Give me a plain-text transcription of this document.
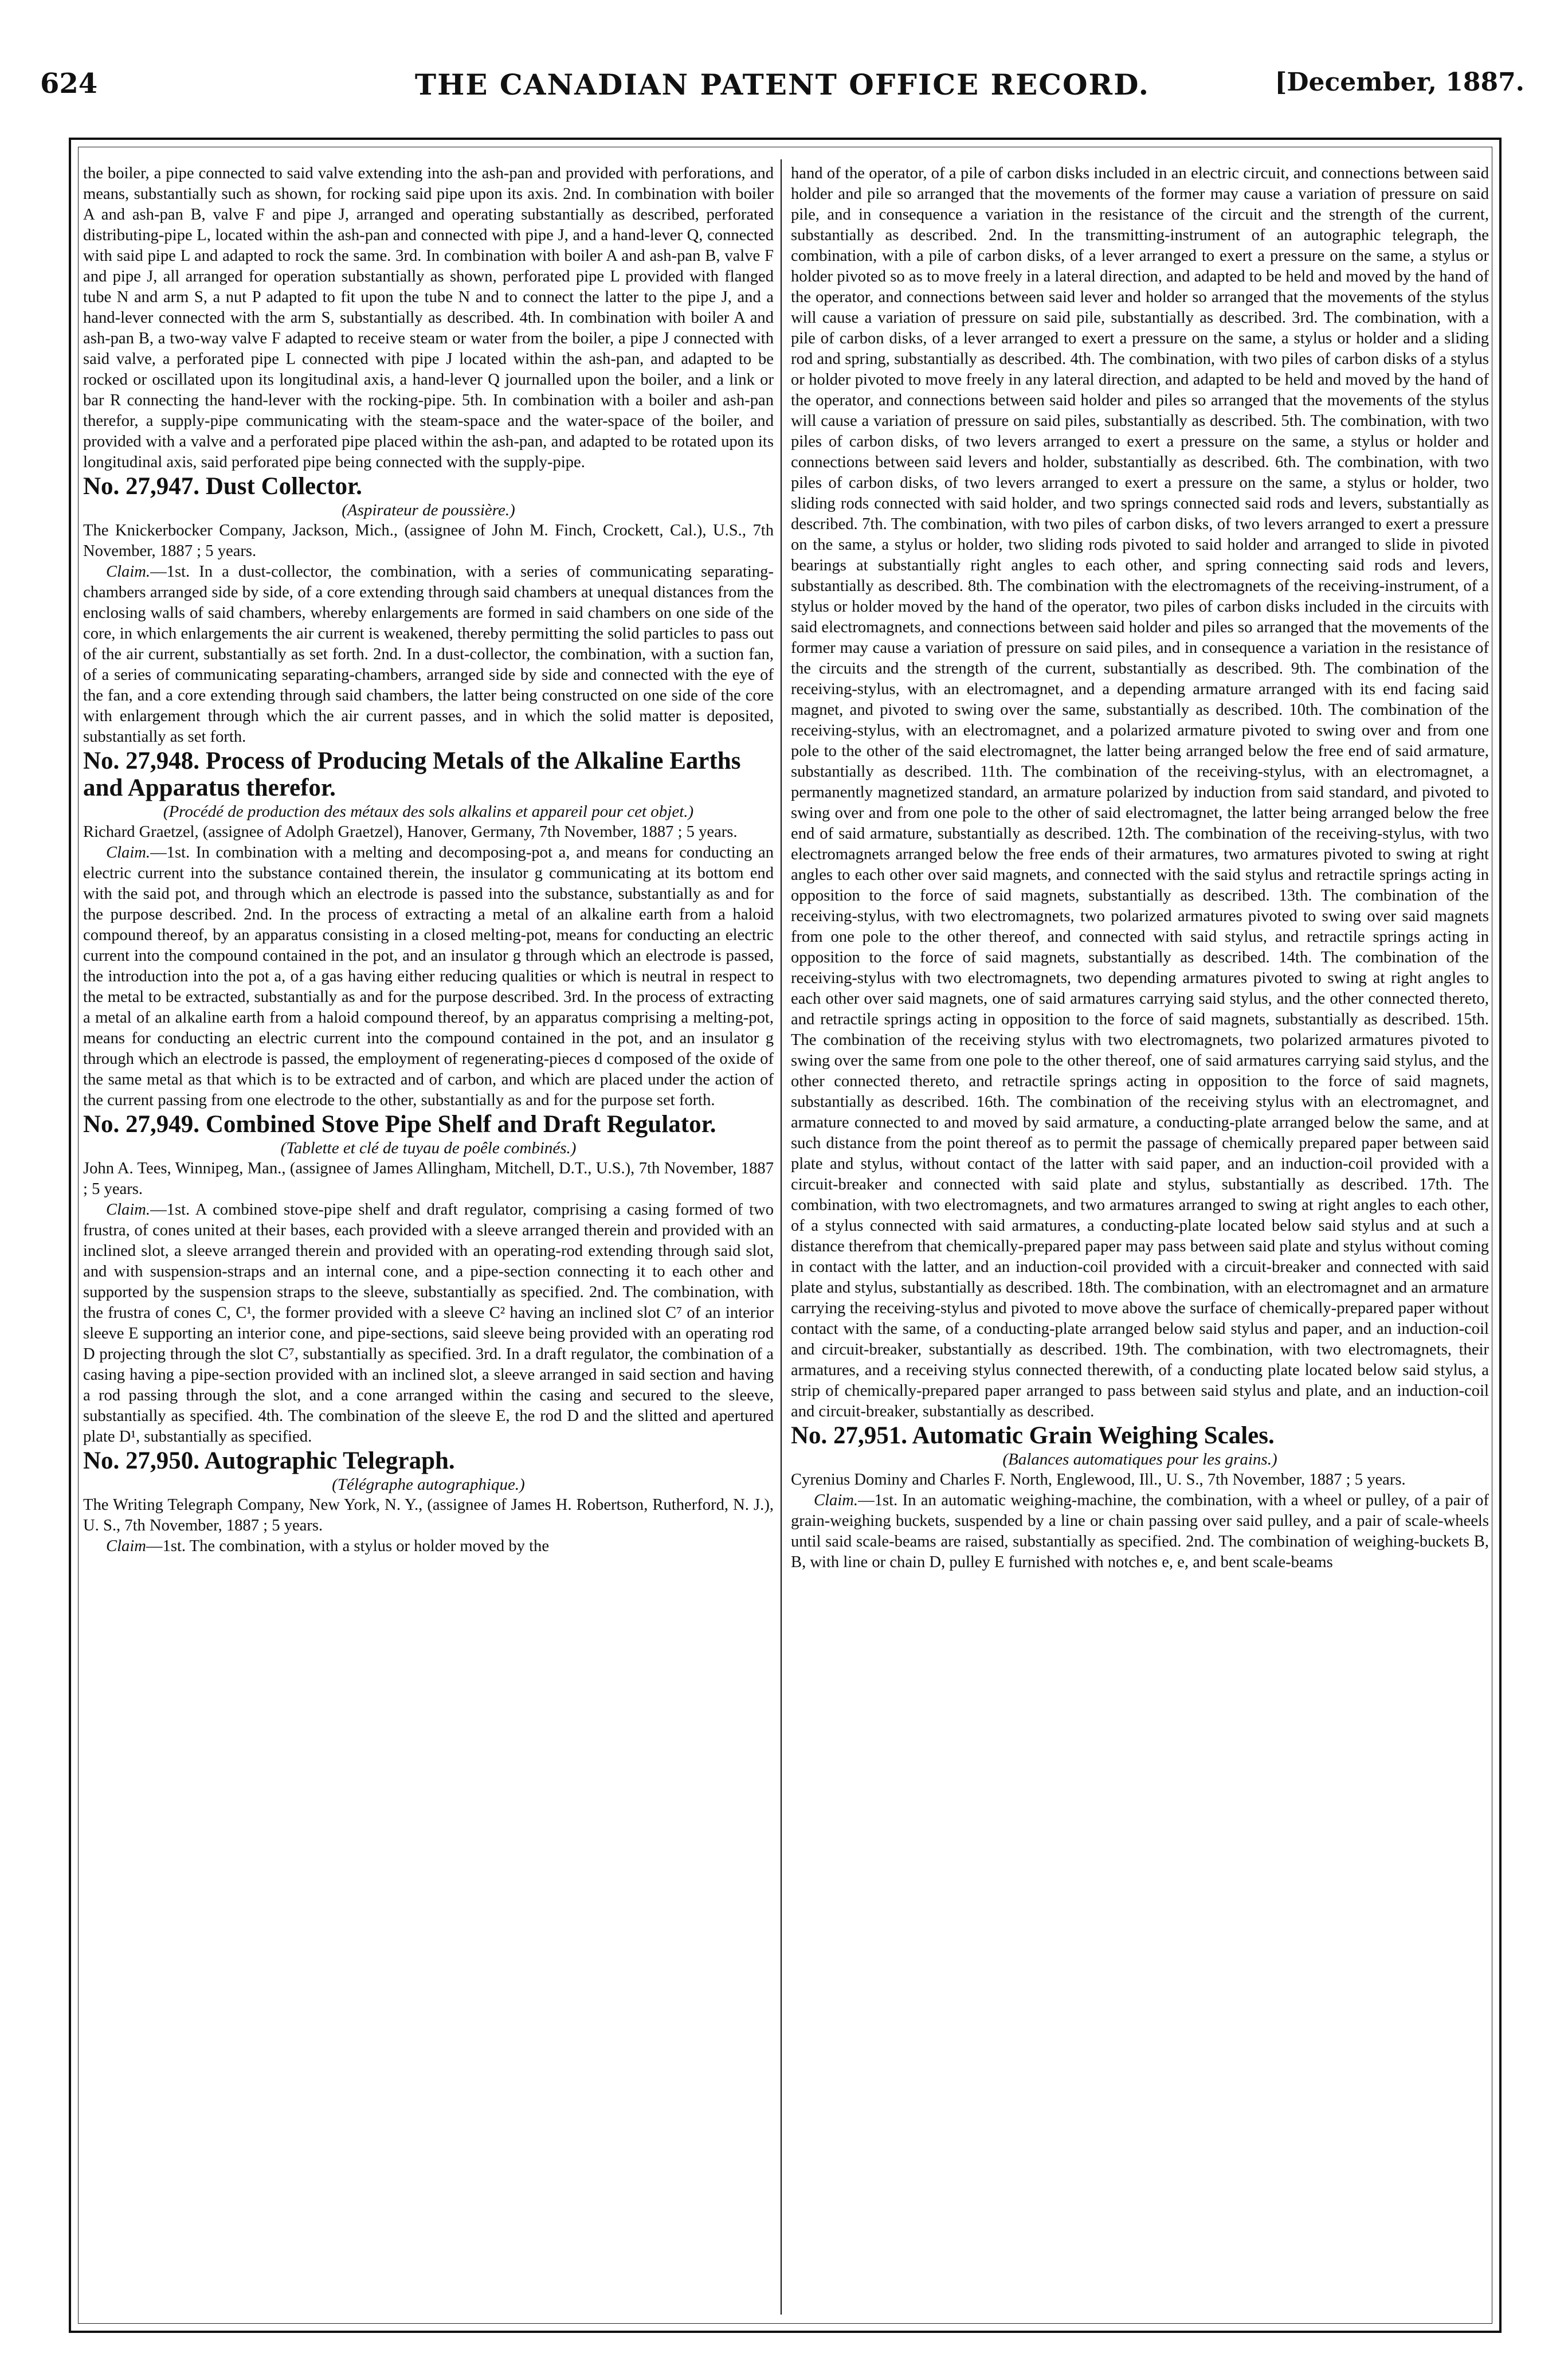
624	THE CANADIAN PATENT OFFICE RECORD.	[December, 1887.

the boiler, a pipe connected to said valve extending into the ash-pan and provided with perforations, and means, substantially such as shown, for rocking said pipe upon its axis. 2nd. In combination with boiler A and ash-pan B, valve F and pipe J, arranged and operating substantially as described, perforated distributing-pipe L, located within the ash-pan and connected with pipe J, and a hand-lever Q, connected with said pipe L and adapted to rock the same. 3rd. In combination with boiler A and ash-pan B, valve F and pipe J, all arranged for operation substantially as shown, perforated pipe L provided with flanged tube N and arm S, a nut P adapted to fit upon the tube N and to connect the latter to the pipe J, and a hand-lever connected with the arm S, substantially as described. 4th. In combination with boiler A and ash-pan B, a two-way valve F adapted to receive steam or water from the boiler, a pipe J connected with said valve, a perforated pipe L connected with pipe J located within the ash-pan, and adapted to be rocked or oscillated upon its longitudinal axis, a hand-lever Q journalled upon the boiler, and a link or bar R connecting the hand-lever with the rocking-pipe. 5th. In combination with a boiler and ash-pan therefor, a supply-pipe communicating with the steam-space and the water-space of the boiler, and provided with a valve and a perforated pipe placed within the ash-pan, and adapted to be rotated upon its longitudinal axis, said perforated pipe being connected with the supply-pipe.

No. 27,947. Dust Collector.

(Aspirateur de poussière.)

The Knickerbocker Company, Jackson, Mich., (assignee of John M. Finch, Crockett, Cal.), U.S., 7th November, 1887 ; 5 years.

Claim.—1st. In a dust-collector, the combination, with a series of communicating separating-chambers arranged side by side, of a core extending through said chambers at unequal distances from the enclosing walls of said chambers, whereby enlargements are formed in said chambers on one side of the core, in which enlargements the air current is weakened, thereby permitting the solid particles to pass out of the air current, substantially as set forth. 2nd. In a dust-collector, the combination, with a suction fan, of a series of communicating separating-chambers, arranged side by side and connected with the eye of the fan, and a core extending through said chambers, the latter being constructed on one side of the core with enlargement through which the air current passes, and in which the solid matter is deposited, substantially as set forth.

No. 27,948. Process of Producing Metals of the Alkaline Earths and Apparatus therefor.

(Procédé de production des métaux des sols alkalins et appareil pour cet objet.)

Richard Graetzel, (assignee of Adolph Graetzel), Hanover, Germany, 7th November, 1887 ; 5 years.

Claim.—1st. In combination with a melting and decomposing-pot a, and means for conducting an electric current into the substance contained therein, the insulator g communicating at its bottom end with the said pot, and through which an electrode is passed into the substance, substantially as and for the purpose described. 2nd. In the process of extracting a metal of an alkaline earth from a haloid compound thereof, by an apparatus consisting in a closed melting-pot, means for conducting an electric current into the compound contained in the pot, and an insulator g through which an electrode is passed, the introduction into the pot a, of a gas having either reducing qualities or which is neutral in respect to the metal to be extracted, substantially as and for the purpose described. 3rd. In the process of extracting a metal of an alkaline earth from a haloid compound thereof, by an apparatus comprising a melting-pot, means for conducting an electric current into the compound contained in the pot, and an insulator g through which an electrode is passed, the employment of regenerating-pieces d composed of the oxide of the same metal as that which is to be extracted and of carbon, and which are placed under the action of the current passing from one electrode to the other, substantially as and for the purpose set forth.

No. 27,949. Combined Stove Pipe Shelf and Draft Regulator.

(Tablette et clé de tuyau de poêle combinés.)

John A. Tees, Winnipeg, Man., (assignee of James Allingham, Mitchell, D.T., U.S.), 7th November, 1887 ; 5 years.

Claim.—1st. A combined stove-pipe shelf and draft regulator, comprising a casing formed of two frustra, of cones united at their bases, each provided with a sleeve arranged therein and provided with an inclined slot, a sleeve arranged therein and provided with an operating-rod extending through said slot, and with suspension-straps and an internal cone, and a pipe-section connecting it to each other and supported by the suspension straps to the sleeve, substantially as specified. 2nd. The combination, with the frustra of cones C, C¹, the former provided with a sleeve C² having an inclined slot C⁷ of an interior sleeve E supporting an interior cone, and pipe-sections, said sleeve being provided with an operating rod D projecting through the slot C⁷, substantially as specified. 3rd. In a draft regulator, the combination of a casing having a pipe-section provided with an inclined slot, a sleeve arranged in said section and having a rod passing through the slot, and a cone arranged within the casing and secured to the sleeve, substantially as specified. 4th. The combination of the sleeve E, the rod D and the slitted and apertured plate D¹, substantially as specified.

No. 27,950. Autographic Telegraph.

(Télégraphe autographique.)

The Writing Telegraph Company, New York, N. Y., (assignee of James H. Robertson, Rutherford, N. J.), U. S., 7th November, 1887 ; 5 years.

Claim—1st. The combination, with a stylus or holder moved by the

hand of the operator, of a pile of carbon disks included in an electric circuit, and connections between said holder and pile so arranged that the movements of the former may cause a variation of pressure on said pile, and in consequence a variation in the resistance of the circuit and the strength of the current, substantially as described. 2nd. In the transmitting-instrument of an autographic telegraph, the combination, with a pile of carbon disks, of a lever arranged to exert a pressure on the same, a stylus or holder pivoted so as to move freely in a lateral direction, and adapted to be held and moved by the hand of the operator, and connections between said lever and holder so arranged that the movements of the stylus will cause a variation of pressure on said pile, substantially as described. 3rd. The combination, with a pile of carbon disks, of a lever arranged to exert a pressure on the same, a stylus or holder and a sliding rod and spring, substantially as described. 4th. The combination, with two piles of carbon disks of a stylus or holder pivoted to move freely in any lateral direction, and adapted to be held and moved by the hand of the operator, and connections between said holder and piles so arranged that the movements of the stylus will cause a variation of pressure on said piles, substantially as described. 5th. The combination, with two piles of carbon disks, of two levers arranged to exert a pressure on the same, a stylus or holder and connections between said levers and holder, substantially as described. 6th. The combination, with two piles of carbon disks, of two levers arranged to exert a pressure on the same, a stylus or holder, two sliding rods connected with said holder, and two springs connected said rods and levers, substantially as described. 7th. The combination, with two piles of carbon disks, of two levers arranged to exert a pressure on the same, a stylus or holder, two sliding rods pivoted to said holder and arranged to slide in pivoted bearings at substantially right angles to each other, and spring connecting said rods and levers, substantially as described. 8th. The combination with the electromagnets of the receiving-instrument, of a stylus or holder moved by the hand of the operator, two piles of carbon disks included in the circuits with said electromagnets, and connections between said holder and piles so arranged that the movements of the former may cause a variation of pressure on said piles, and in consequence a variation in the resistance of the circuits and the strength of the current, substantially as described. 9th. The combination of the receiving-stylus, with an electromagnet, and a depending armature arranged with its end facing said magnet, and pivoted to swing over the same, substantially as described. 10th. The combination of the receiving-stylus, with an electromagnet, and a polarized armature pivoted to swing over and from one pole to the other of the said electromagnet, the latter being arranged below the free end of said armature, substantially as described. 11th. The combination of the receiving-stylus, with an electromagnet, a permanently magnetized standard, an armature polarized by induction from said standard, and pivoted to swing over and from one pole to the other of said electromagnet, the latter being arranged below the free end of said armature, substantially as described. 12th. The combination of the receiving-stylus, with two electromagnets arranged below the free ends of their armatures, two armatures pivoted to swing at right angles to each other over said magnets, and connected with the said stylus and retractile springs acting in opposition to the force of said magnets, substantially as described. 13th. The combination of the receiving-stylus, with two electromagnets, two polarized armatures pivoted to swing over said magnets from one pole to the other thereof, and connected with said stylus, and retractile springs acting in opposition to the force of said magnets, substantially as described. 14th. The combination of the receiving-stylus with two electromagnets, two depending armatures pivoted to swing at right angles to each other over said magnets, one of said armatures carrying said stylus, and the other connected thereto, and retractile springs acting in opposition to the force of said magnets, substantially as described. 15th. The combination of the receiving stylus with two electromagnets, two polarized armatures pivoted to swing over the same from one pole to the other thereof, one of said armatures carrying said stylus, and the other connected thereto, and retractile springs acting in opposition to the force of said magnets, substantially as described. 16th. The combination of the receiving stylus with an electromagnet, and armature connected to and moved by said armature, a conducting-plate arranged below the same, and at such distance from the point thereof as to permit the passage of chemically prepared paper between said plate and stylus, without contact of the latter with said paper, and an induction-coil provided with a circuit-breaker and connected with said plate and stylus, substantially as described. 17th. The combination, with two electromagnets, and two armatures arranged to swing at right angles to each other, of a stylus connected with said armatures, a conducting-plate located below said stylus and at such a distance therefrom that chemically-prepared paper may pass between said plate and stylus without coming in contact with the latter, and an induction-coil provided with a circuit-breaker and connected with said plate and stylus, substantially as described. 18th. The combination, with an electromagnet and an armature carrying the receiving-stylus and pivoted to move above the surface of chemically-prepared paper without contact with the same, of a conducting-plate arranged below said stylus and paper, and an induction-coil and circuit-breaker, substantially as described. 19th. The combination, with two electromagnets, their armatures, and a receiving stylus connected therewith, of a conducting plate located below said stylus, a strip of chemically-prepared paper arranged to pass between said stylus and plate, and an induction-coil and circuit-breaker, substantially as described.

No. 27,951. Automatic Grain Weighing Scales.

(Balances automatiques pour les grains.)

Cyrenius Dominy and Charles F. North, Englewood, Ill., U. S., 7th November, 1887 ; 5 years.

Claim.—1st. In an automatic weighing-machine, the combination, with a wheel or pulley, of a pair of grain-weighing buckets, suspended by a line or chain passing over said pulley, and a pair of scale-wheels until said scale-beams are raised, substantially as specified. 2nd. The combination of weighing-buckets B, B, with line or chain D, pulley E furnished with notches e, e, and bent scale-beams
